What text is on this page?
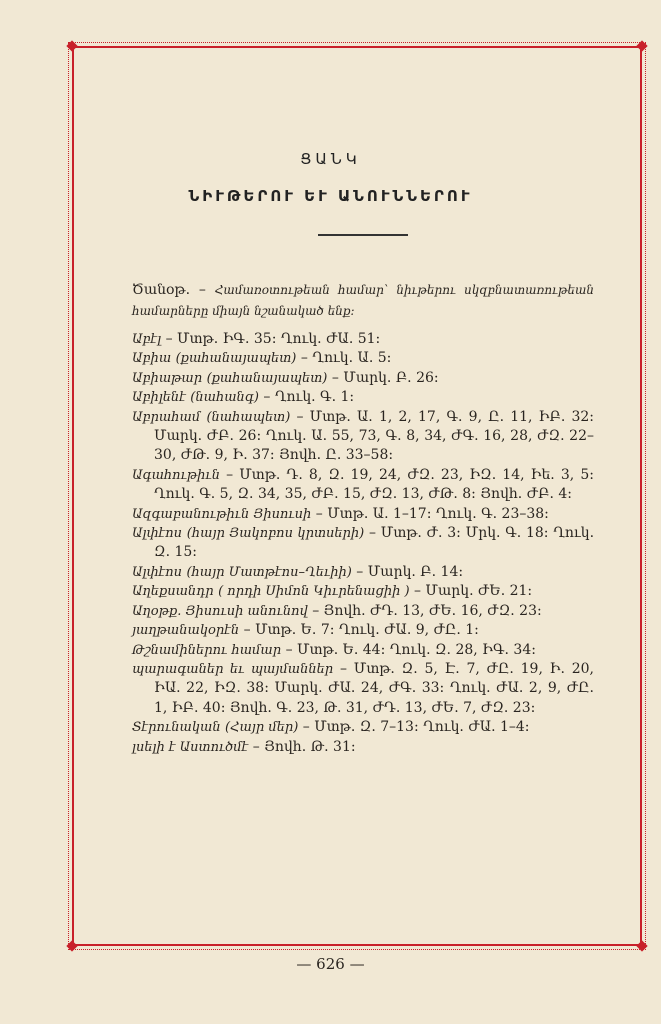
ՑԱՆԿ
ՆԻՒԹԵՐՈՒ ԵՒ ԱՆՈՒՆՆԵՐՈՒ

Ծանօթ. – Համառօտութեան համար՝ նիւթերու սկզբնատառութեան համարները միայն նշանակած ենք:

Աբէլ – Մտթ. ԻԳ. 35: Ղուկ. ԺԱ. 51:

Աբիա (քահանայապետ) – Ղուկ. Ա. 5:

Աբիաթար (քահանայապետ) – Մարկ. Բ. 26:

Աբիլենէ (նահանգ) – Ղուկ. Գ. 1:

Աբրահամ (նահապետ) – Մտթ. Ա. 1, 2, 17, Գ. 9, Ը. 11, ԻԲ. 32: Մարկ. ԺԲ. 26: Ղուկ. Ա. 55, 73, Գ. 8, 34, ԺԳ. 16, 28, ԺԶ. 22–30, ԺԹ. 9, Ի. 37: Յովհ. Ը. 33–58:

Ագահութիւն – Մտթ. Դ. 8, Զ. 19, 24, ԺԶ. 23, ԻԶ. 14, Իե. 3, 5: Ղուկ. Գ. 5, Զ. 34, 35, ԺԲ. 15, ԺԶ. 13, ԺԹ. 8: Յովհ. ԺԲ. 4:

Ազգաբանութիւն Յիսուսի – Մտթ. Ա. 1–17: Ղուկ. Գ. 23–38:

Ալփէոս (հայր Յակոբոս կրտսերի) – Մտթ. Ժ. 3: Մրկ. Գ. 18: Ղուկ. Զ. 15:

Ալփէոս (հայր Մատթէոս–Ղեւիի) – Մարկ. Բ. 14:

Աղեքսանդր ( որդի Սիմոն Կիւրենացիի ) – Մարկ. ԺԵ. 21:

Աղօթք. Յիսուսի անունով – Յովհ. ԺԴ. 13, ԺԵ. 16, ԺԶ. 23:

յաղթանակօրէն – Մտթ. Ե. 7: Ղուկ. ԺԱ. 9, ԺԸ. 1:

Թշնամիներու համար – Մտթ. Ե. 44: Ղուկ. Զ. 28, ԻԳ. 34:

պարագաներ եւ պայմաններ – Մտթ. Զ. 5, Է. 7, ԺԸ. 19, Ի. 20, ԻԱ. 22, ԻԶ. 38: Մարկ. ԺԱ. 24, ԺԳ. 33: Ղուկ. ԺԱ. 2, 9, ԺԸ. 1, ԻԲ. 40: Յովհ. Գ. 23, Թ. 31, ԺԴ. 13, ԺԵ. 7, ԺԶ. 23:

Տէրունական (Հայր մեր) – Մտթ. Զ. 7–13: Ղուկ. ԺԱ. 1–4:

լսելի է Աստուծմէ – Յովհ. Թ. 31:

— 626 —
